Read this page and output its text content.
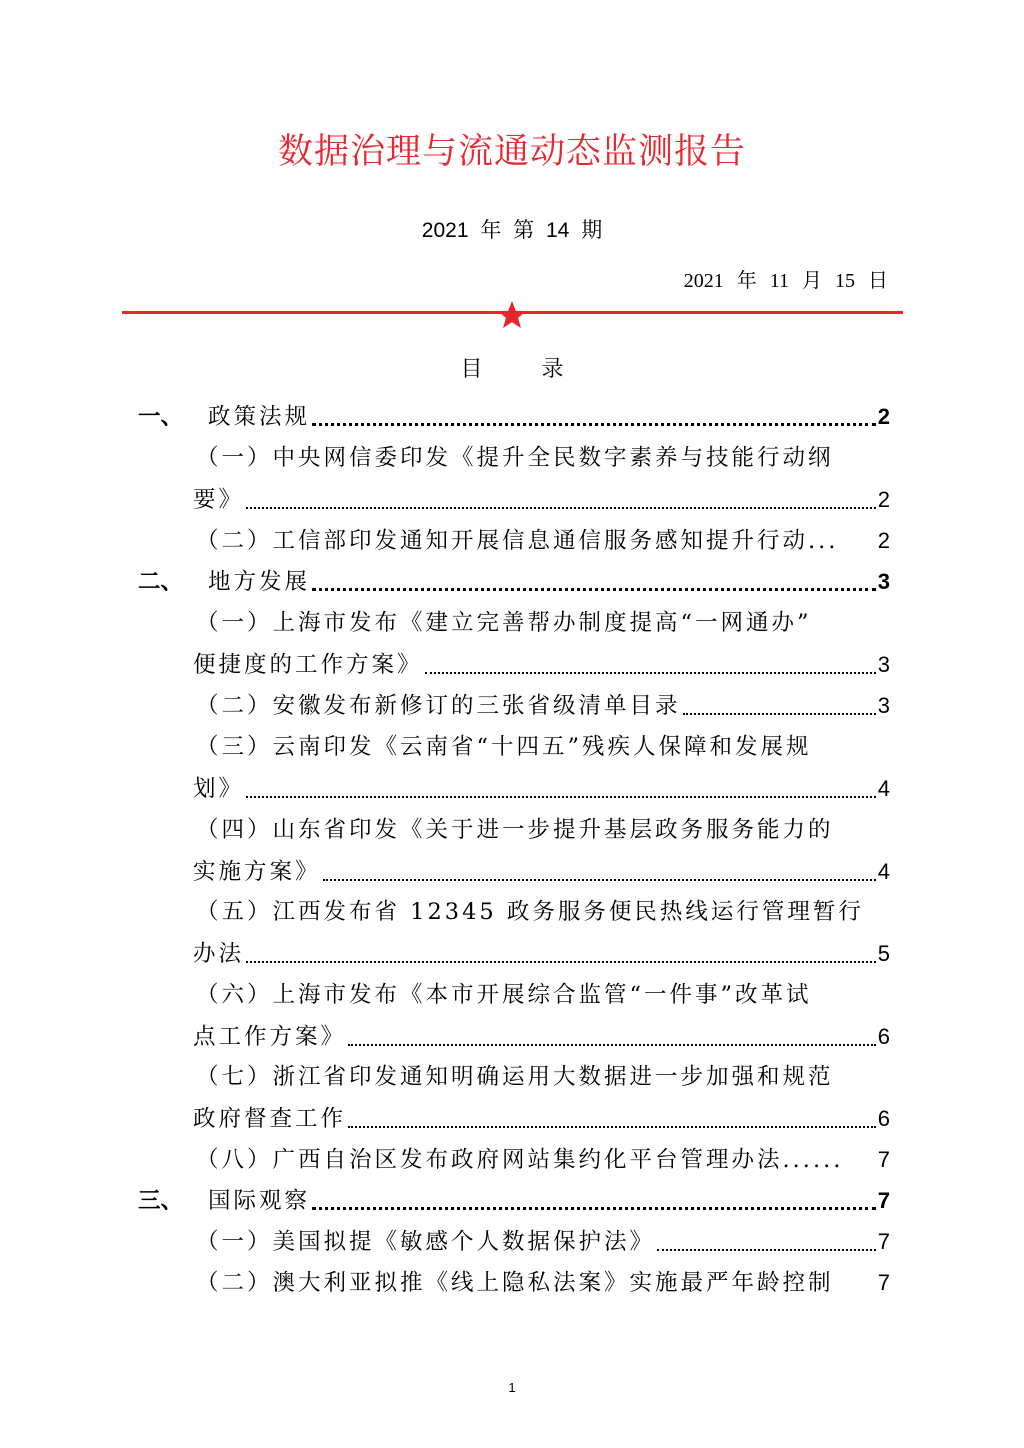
数据治理与流通动态监测报告
2021 年 第 14 期
2021 年 11 月 15 日
目 录
一、	政策法规	2
（一）中央网信委印发《提升全民数字素养与技能行动纲
要》	2
（二）工信部印发通知开展信息通信服务感知提升行动... 2
二、	地方发展	3
（一）上海市发布《建立完善帮办制度提高“一网通办”
便捷度的工作方案》	3
（二）安徽发布新修订的三张省级清单目录	3
（三）云南印发《云南省“十四五”残疾人保障和发展规
划》	4
（四）山东省印发《关于进一步提升基层政务服务能力的
实施方案》	4
（五）江西发布省 12345 政务服务便民热线运行管理暂行
办法	5
（六）上海市发布《本市开展综合监管“一件事”改革试
点工作方案》	6
（七）浙江省印发通知明确运用大数据进一步加强和规范
政府督查工作	6
（八）广西自治区发布政府网站集约化平台管理办法...... 7
三、	国际观察	7
（一）美国拟提《敏感个人数据保护法》	7
（二）澳大利亚拟推《线上隐私法案》实施最严年龄控制 7
1
